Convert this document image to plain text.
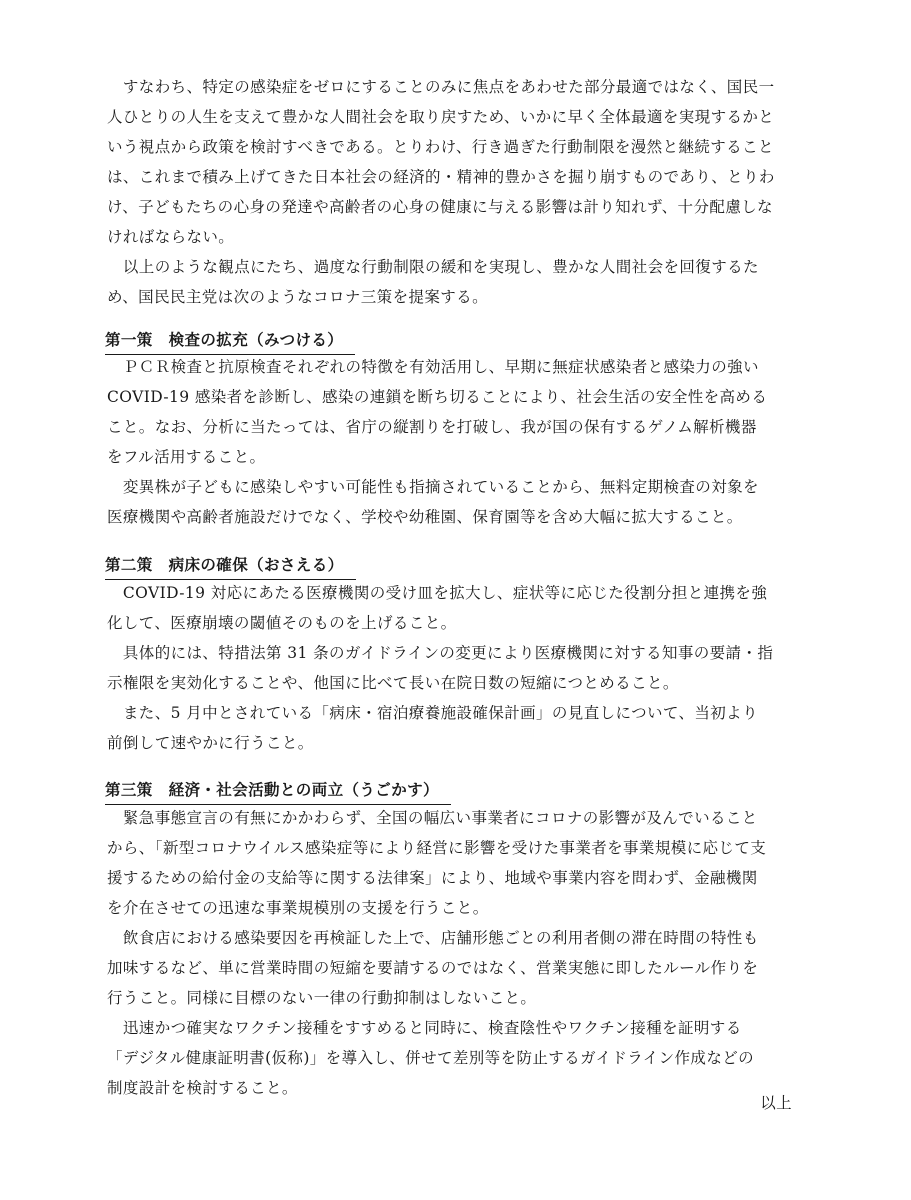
　すなわち、特定の感染症をゼロにすることのみに焦点をあわせた部分最適ではなく、国民一
人ひとりの人生を支えて豊かな人間社会を取り戻すため、いかに早く全体最適を実現するかと
いう視点から政策を検討すべきである。とりわけ、行き過ぎた行動制限を漫然と継続すること
は、これまで積み上げてきた日本社会の経済的・精神的豊かさを掘り崩すものであり、とりわ
け、子どもたちの心身の発達や高齢者の心身の健康に与える影響は計り知れず、十分配慮しな
ければならない。
　以上のような観点にたち、過度な行動制限の緩和を実現し、豊かな人間社会を回復するた
め、国民民主党は次のようなコロナ三策を提案する。
第一策　検査の拡充（みつける）
　ＰＣＲ検査と抗原検査それぞれの特徴を有効活用し、早期に無症状感染者と感染力の強い
COVID-19 感染者を診断し、感染の連鎖を断ち切ることにより、社会生活の安全性を高める
こと。なお、分析に当たっては、省庁の縦割りを打破し、我が国の保有するゲノム解析機器
をフル活用すること。
　変異株が子どもに感染しやすい可能性も指摘されていることから、無料定期検査の対象を
医療機関や高齢者施設だけでなく、学校や幼稚園、保育園等を含め大幅に拡大すること。
第二策　病床の確保（おさえる）
　COVID-19 対応にあたる医療機関の受け皿を拡大し、症状等に応じた役割分担と連携を強
化して、医療崩壊の閾値そのものを上げること。
　具体的には、特措法第 31 条のガイドラインの変更により医療機関に対する知事の要請・指
示権限を実効化することや、他国に比べて長い在院日数の短縮につとめること。
　また、5 月中とされている「病床・宿泊療養施設確保計画」の見直しについて、当初より
前倒して速やかに行うこと。
第三策　経済・社会活動との両立（うごかす）
　緊急事態宣言の有無にかかわらず、全国の幅広い事業者にコロナの影響が及んでいること
から、「新型コロナウイルス感染症等により経営に影響を受けた事業者を事業規模に応じて支
援するための給付金の支給等に関する法律案」により、地域や事業内容を問わず、金融機関
を介在させての迅速な事業規模別の支援を行うこと。
　飲食店における感染要因を再検証した上で、店舗形態ごとの利用者側の滞在時間の特性も
加味するなど、単に営業時間の短縮を要請するのではなく、営業実態に即したルール作りを
行うこと。同様に目標のない一律の行動抑制はしないこと。
　迅速かつ確実なワクチン接種をすすめると同時に、検査陰性やワクチン接種を証明する
「デジタル健康証明書(仮称)」を導入し、併せて差別等を防止するガイドライン作成などの
制度設計を検討すること。
以上
